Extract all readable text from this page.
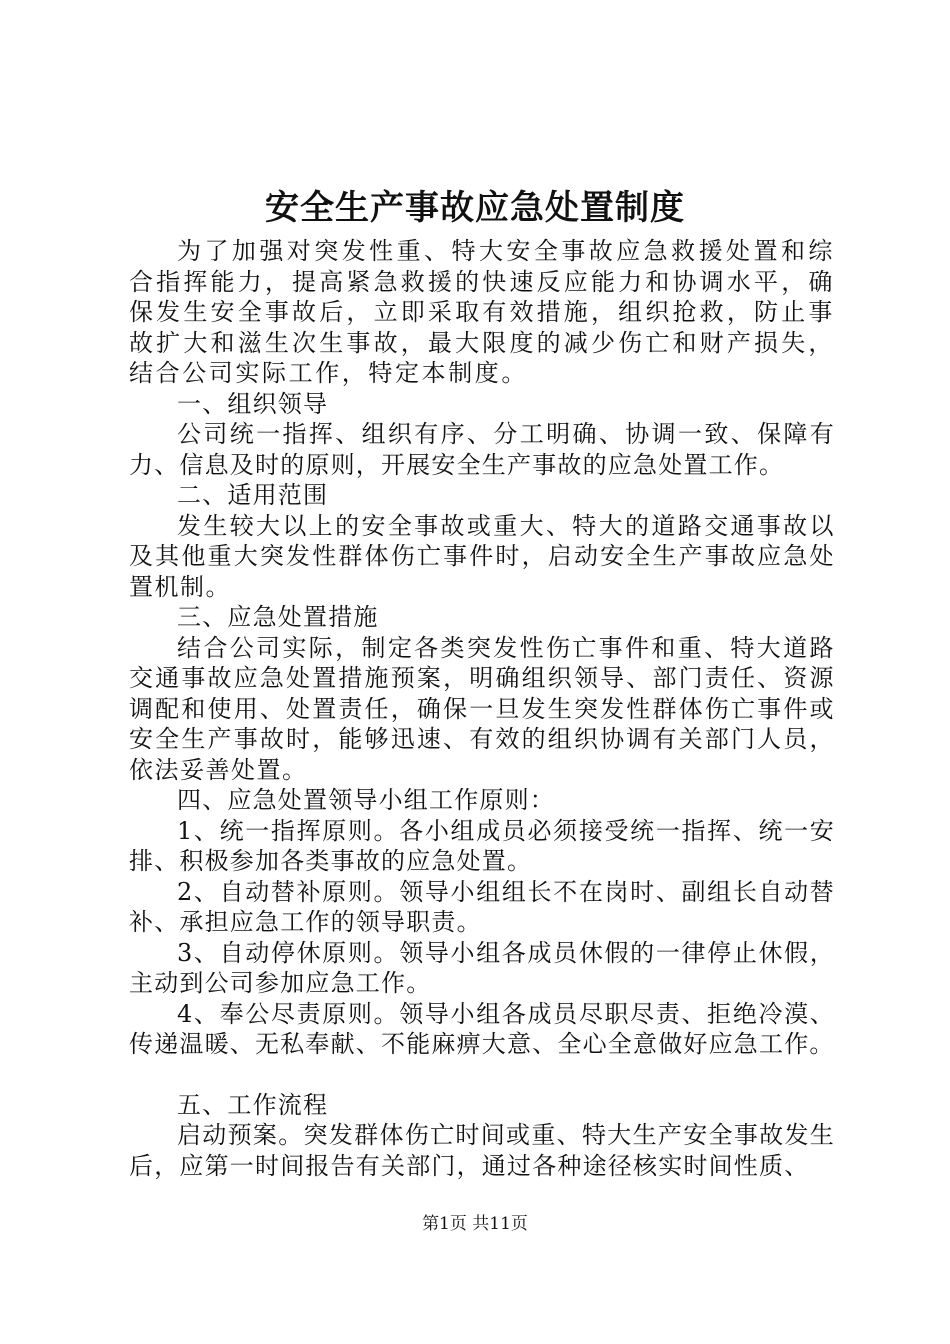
安全生产事故应急处置制度

为了加强对突发性重、特大安全事故应急救援处置和综合指挥能力，提高紧急救援的快速反应能力和协调水平，确保发生安全事故后，立即采取有效措施，组织抢救，防止事故扩大和滋生次生事故，最大限度的减少伤亡和财产损失，结合公司实际工作，特定本制度。

一、组织领导

公司统一指挥、组织有序、分工明确、协调一致、保障有力、信息及时的原则，开展安全生产事故的应急处置工作。

二、适用范围

发生较大以上的安全事故或重大、特大的道路交通事故以及其他重大突发性群体伤亡事件时，启动安全生产事故应急处置机制。

三、应急处置措施

结合公司实际，制定各类突发性伤亡事件和重、特大道路交通事故应急处置措施预案，明确组织领导、部门责任、资源调配和使用、处置责任，确保一旦发生突发性群体伤亡事件或安全生产事故时，能够迅速、有效的组织协调有关部门人员，依法妥善处置。

四、应急处置领导小组工作原则：

1、统一指挥原则。各小组成员必须接受统一指挥、统一安排、积极参加各类事故的应急处置。

2、自动替补原则。领导小组组长不在岗时、副组长自动替补、承担应急工作的领导职责。

3、自动停休原则。领导小组各成员休假的一律停止休假，主动到公司参加应急工作。

4、奉公尽责原则。领导小组各成员尽职尽责、拒绝冷漠、传递温暖、无私奉献、不能麻痹大意、全心全意做好应急工作。

五、工作流程

启动预案。突发群体伤亡时间或重、特大生产安全事故发生后，应第一时间报告有关部门，通过各种途径核实时间性质、

第1页 共11页
